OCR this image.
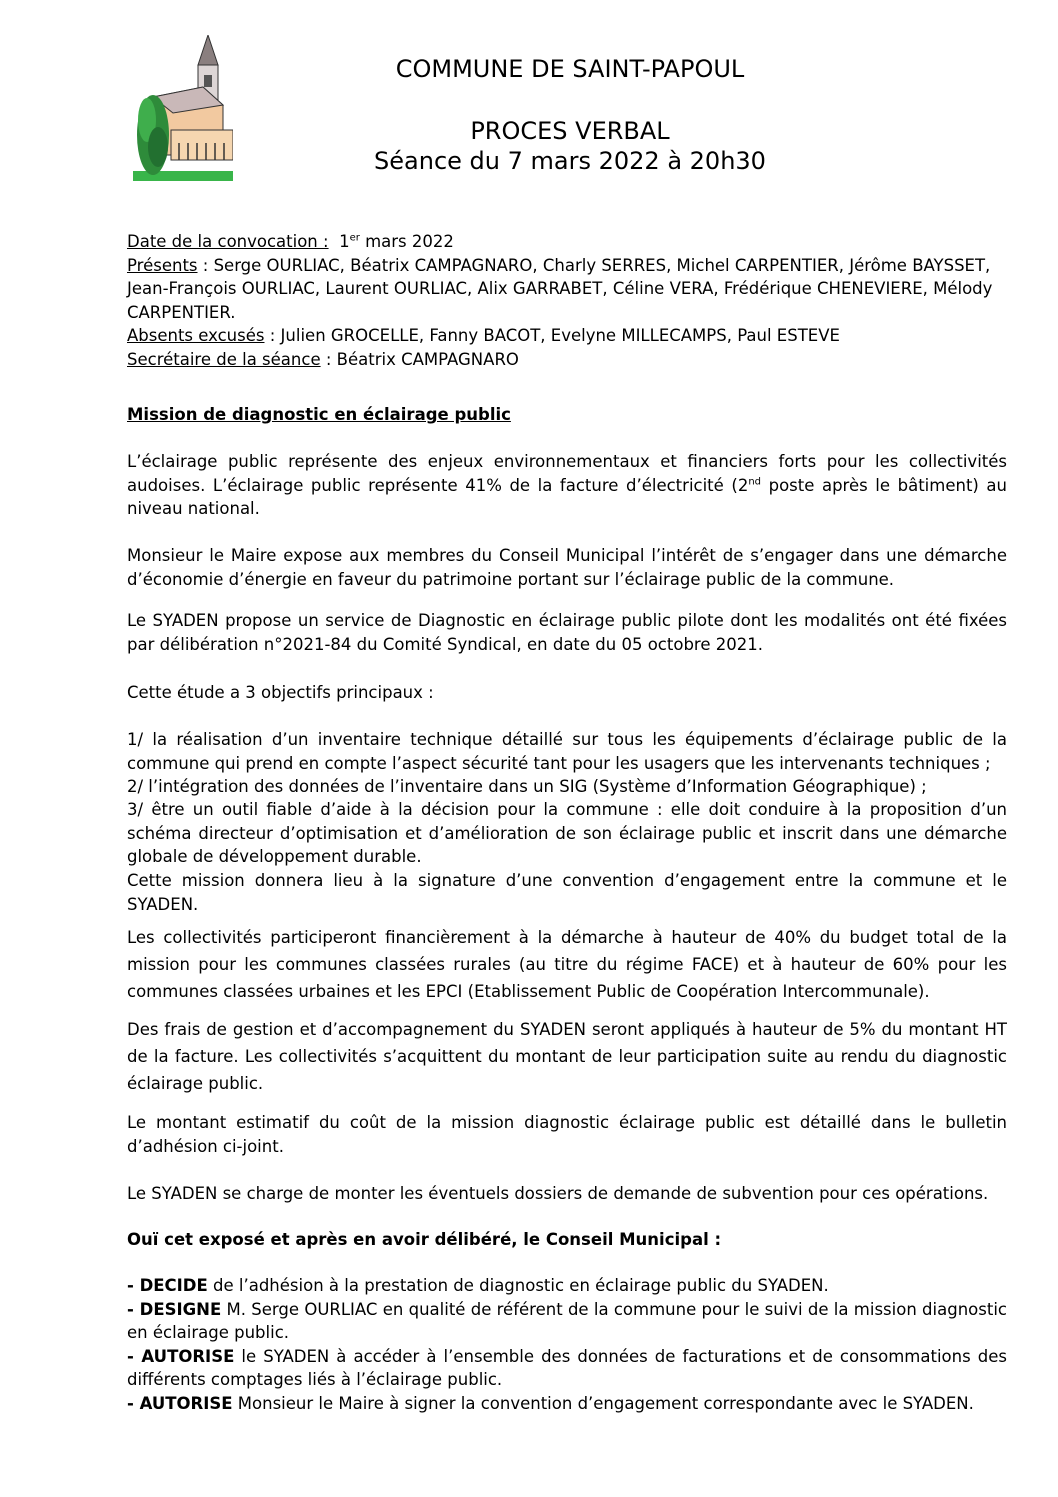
COMMUNE DE SAINT-PAPOUL
PROCES VERBAL
Séance du 7 mars 2022 à 20h30

Date de la convocation : 1er mars 2022

Présents : Serge OURLIAC, Béatrix CAMPAGNARO, Charly SERRES, Michel CARPENTIER, Jérôme BAYSSET, Jean-François OURLIAC, Laurent OURLIAC, Alix GARRABET, Céline VERA, Frédérique CHENEVIERE, Mélody CARPENTIER.

Absents excusés : Julien GROCELLE, Fanny BACOT, Evelyne MILLECAMPS, Paul ESTEVE

Secrétaire de la séance : Béatrix CAMPAGNARO

Mission de diagnostic en éclairage public

L’éclairage public représente des enjeux environnementaux et financiers forts pour les collectivités audoises. L’éclairage public représente 41% de la facture d’électricité (2nd poste après le bâtiment) au niveau national.

Monsieur le Maire expose aux membres du Conseil Municipal l’intérêt de s’engager dans une démarche d’économie d’énergie en faveur du patrimoine portant sur l’éclairage public de la commune.

Le SYADEN propose un service de Diagnostic en éclairage public pilote dont les modalités ont été fixées par délibération n°2021-84 du Comité Syndical, en date du 05 octobre 2021.

Cette étude a 3 objectifs principaux :

1/ la réalisation d’un inventaire technique détaillé sur tous les équipements d’éclairage public de la commune qui prend en compte l’aspect sécurité tant pour les usagers que les intervenants techniques ;

2/ l’intégration des données de l’inventaire dans un SIG (Système d’Information Géographique) ;

3/ être un outil fiable d’aide à la décision pour la commune : elle doit conduire à la proposition d’un schéma directeur d’optimisation et d’amélioration de son éclairage public et inscrit dans une démarche globale de développement durable.

Cette mission donnera lieu à la signature d’une convention d’engagement entre la commune et le SYADEN.

Les collectivités participeront financièrement à la démarche à hauteur de 40% du budget total de la mission pour les communes classées rurales (au titre du régime FACE) et à hauteur de 60% pour les communes classées urbaines et les EPCI (Etablissement Public de Coopération Intercommunale).

Des frais de gestion et d’accompagnement du SYADEN seront appliqués à hauteur de 5% du montant HT de la facture. Les collectivités s’acquittent du montant de leur participation suite au rendu du diagnostic éclairage public.

Le montant estimatif du coût de la mission diagnostic éclairage public est détaillé dans le bulletin d’adhésion ci-joint.

Le SYADEN se charge de monter les éventuels dossiers de demande de subvention pour ces opérations.

Ouï cet exposé et après en avoir délibéré, le Conseil Municipal :

- DECIDE de l’adhésion à la prestation de diagnostic en éclairage public du SYADEN.

- DESIGNE M. Serge OURLIAC en qualité de référent de la commune pour le suivi de la mission diagnostic en éclairage public.

- AUTORISE le SYADEN à accéder à l’ensemble des données de facturations et de consommations des différents comptages liés à l’éclairage public.

- AUTORISE Monsieur le Maire à signer la convention d’engagement correspondante avec le SYADEN.
